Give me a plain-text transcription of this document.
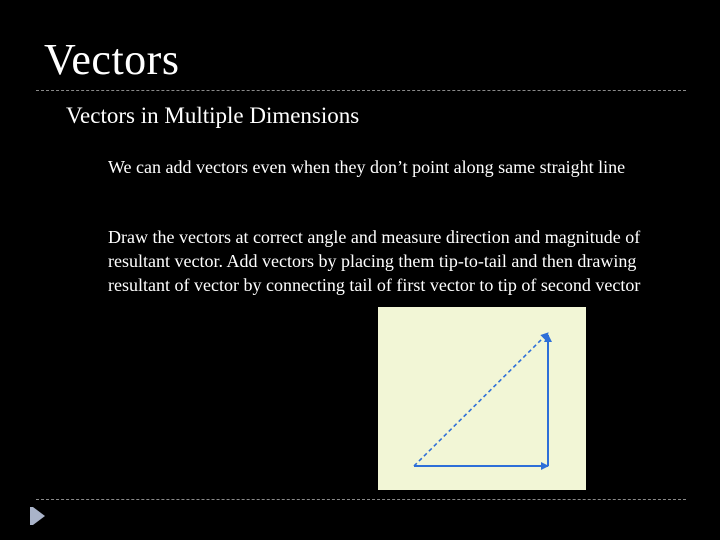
Vectors
Vectors in Multiple Dimensions
We can add vectors even when they don’t point along same straight line
Draw the vectors at correct angle and measure direction and magnitude of resultant vector. Add vectors by placing them tip-to-tail and then drawing resultant of vector by connecting tail of first vector to tip of second vector
